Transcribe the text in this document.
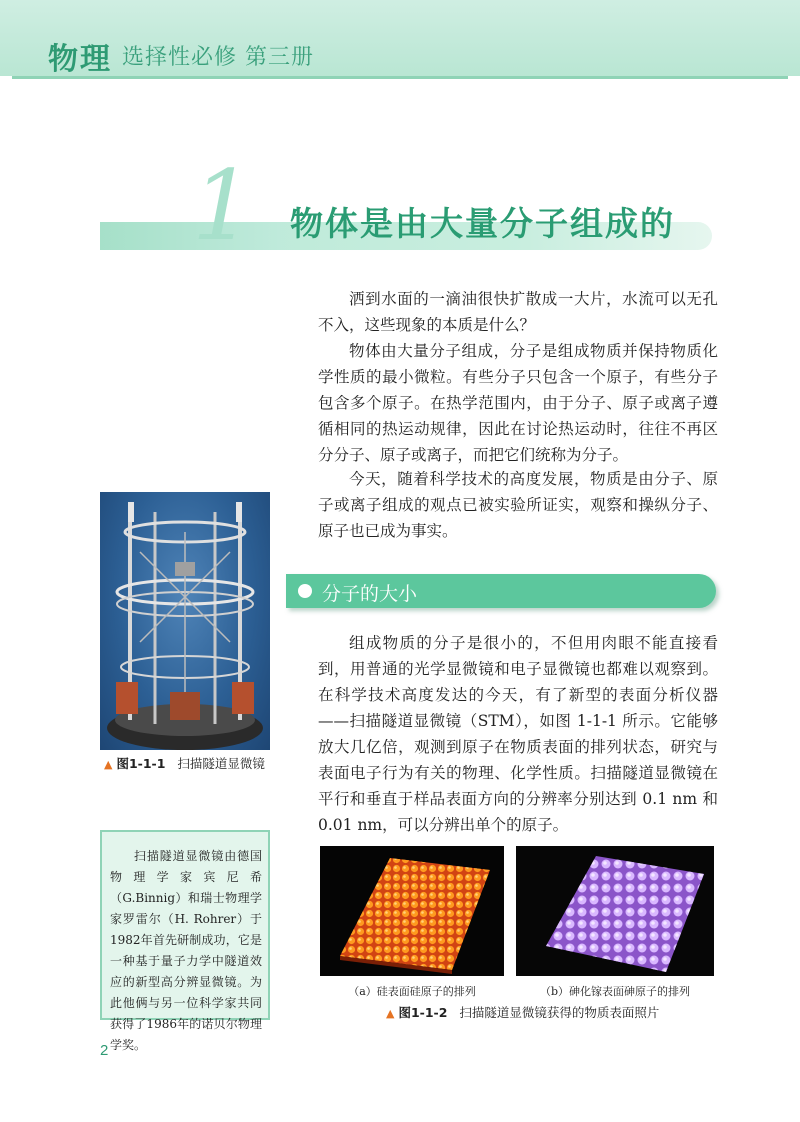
物理 选择性必修 第三册
1 物体是由大量分子组成的

洒到水面的一滴油很快扩散成一大片，水流可以无孔不入，这些现象的本质是什么？

物体由大量分子组成，分子是组成物质并保持物质化学性质的最小微粒。有些分子只包含一个原子，有些分子包含多个原子。在热学范围内，由于分子、原子或离子遵循相同的热运动规律，因此在讨论热运动时，往往不再区分分子、原子或离子，而把它们统称为分子。

今天，随着科学技术的高度发展，物质是由分子、原子或离子组成的观点已被实验所证实，观察和操纵分子、原子也已成为事实。

分子的大小

组成物质的分子是很小的，不但用肉眼不能直接看到，用普通的光学显微镜和电子显微镜也都难以观察到。在科学技术高度发达的今天，有了新型的表面分析仪器——扫描隧道显微镜（STM），如图 1-1-1 所示。它能够放大几亿倍，观测到原子在物质表面的排列状态，研究与表面电子行为有关的物理、化学性质。扫描隧道显微镜在平行和垂直于样品表面方向的分辨率分别达到 0.1 nm 和 0.01 nm，可以分辨出单个的原子。

▲ 图1-1-1 扫描隧道显微镜

扫描隧道显微镜由德国物理学家宾尼希（G.Binnig）和瑞士物理学家罗雷尔（H. Rohrer）于1982年首先研制成功，它是一种基于量子力学中隧道效应的新型高分辨显微镜。为此他俩与另一位科学家共同获得了1986年的诺贝尔物理学奖。

（a）硅表面硅原子的排列	（b）砷化镓表面砷原子的排列
▲ 图1-1-2 扫描隧道显微镜获得的物质表面照片
2
